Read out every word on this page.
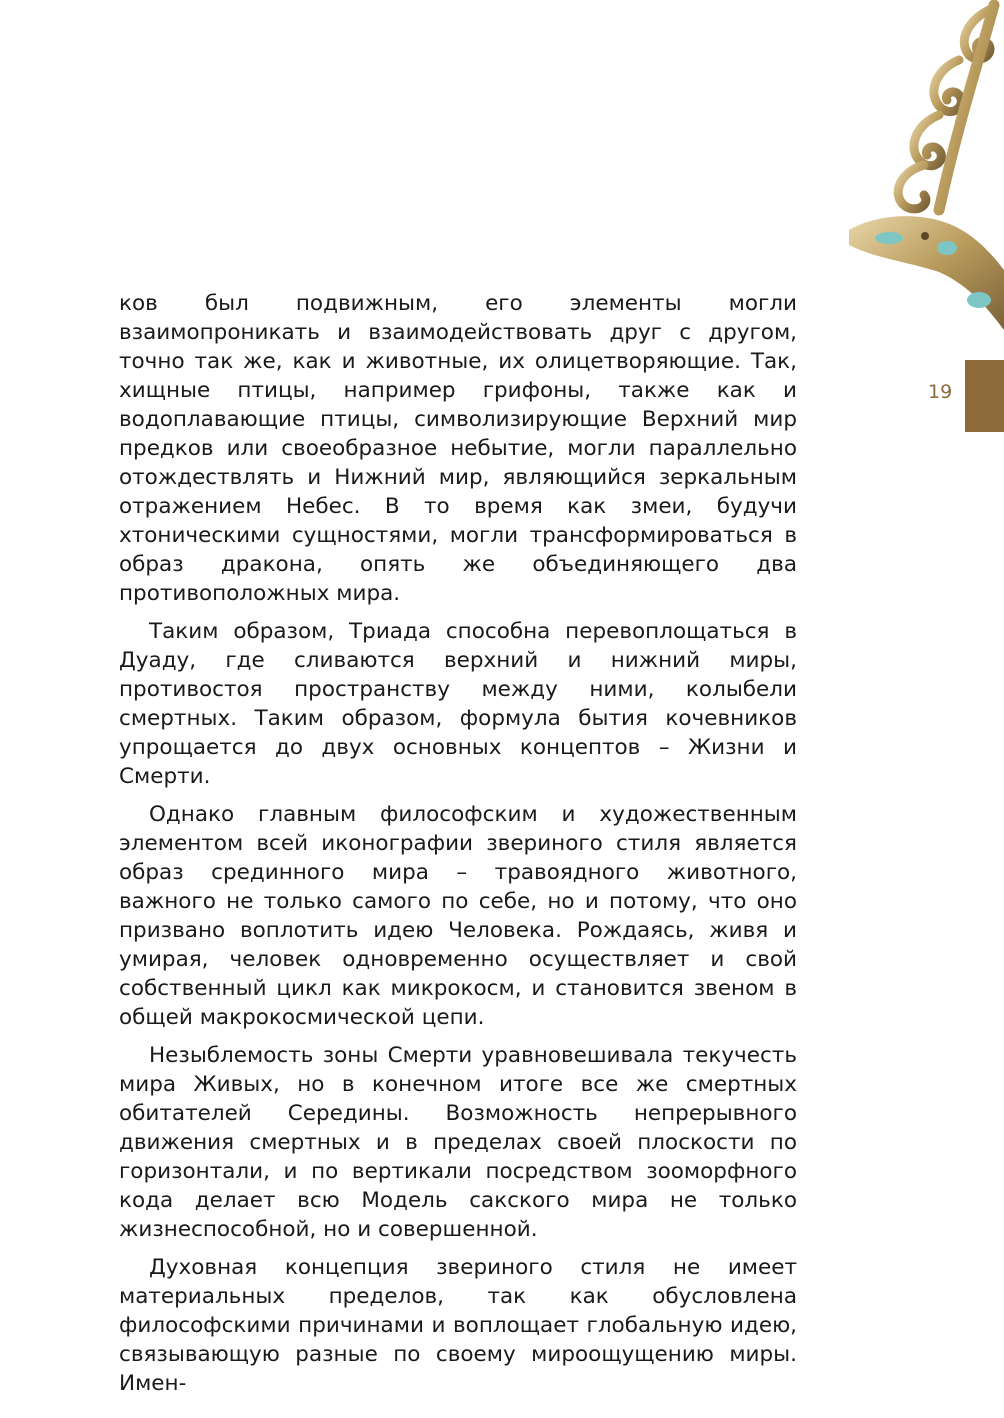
19

ков был подвижным, его элементы могли взаимопроникать и взаимодействовать друг с другом, точно так же, как и животные, их олицетворяющие. Так, хищные птицы, например грифоны, также как и водоплавающие птицы, символизирующие Верхний мир предков или своеобразное небытие, могли параллельно отождествлять и Нижний мир, являющийся зеркальным отражением Небес. В то время как змеи, будучи хтоническими сущностями, могли трансформироваться в образ дракона, опять же объединяющего два противоположных мира.

Таким образом, Триада способна перевоплощаться в Дуаду, где сливаются верхний и нижний миры, противостоя пространству между ними, колыбели смертных. Таким образом, формула бытия кочевников упрощается до двух основных концептов – Жизни и Смерти.

Однако главным философским и художественным элементом всей иконографии звериного стиля является образ срединного мира – травоядного животного, важного не только самого по себе, но и потому, что оно призвано воплотить идею Человека. Рождаясь, живя и умирая, человек одновременно осуществляет и свой собственный цикл как микрокосм, и становится звеном в общей макрокосмической цепи.

Незыблемость зоны Смерти уравновешивала текучесть мира Живых, но в конечном итоге все же смертных обитателей Середины. Возможность непрерывного движения смертных и в пределах своей плоскости по горизонтали, и по вертикали посредством зооморфного кода делает всю Модель сакского мира не только жизнеспособной, но и совершенной.

Духовная концепция звериного стиля не имеет материальных пределов, так как обусловлена философскими причинами и воплощает глобальную идею, связывающую разные по своему мироощущению миры. Имен-
